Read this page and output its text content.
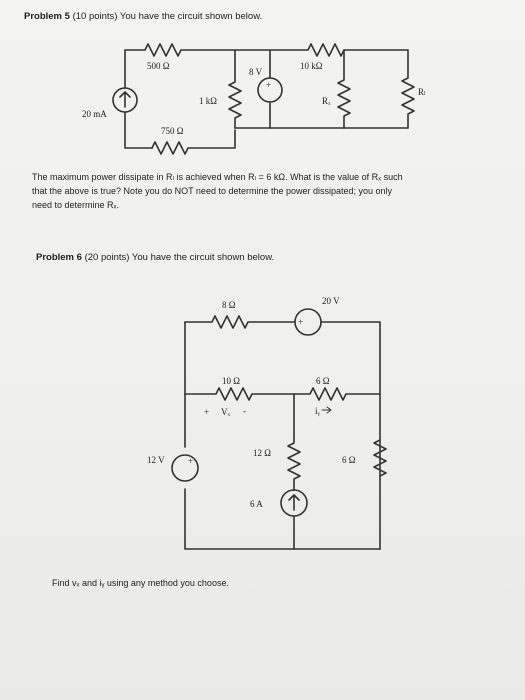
Problem 5 (10 points) You have the circuit shown below.
+
+
+
500 Ω	10 kΩ
8 V
1 kΩ	Rₓ
Rₗ
20 mA
750 Ω
The maximum power dissipate in Rₗ is achieved when Rₗ = 6 kΩ. What is the value of Rₓ such
that the above is true? Note you do NOT need to determine the power dissipated; you only
need to determine Rₓ.
Problem 6 (20 points) You have the circuit shown below.
8 Ω	20 V
10 Ω	6 Ω
+ Vₓ -	iᵧ
12 Ω
12 V	6 Ω
6 A
Find vₓ and iᵧ using any method you choose.
